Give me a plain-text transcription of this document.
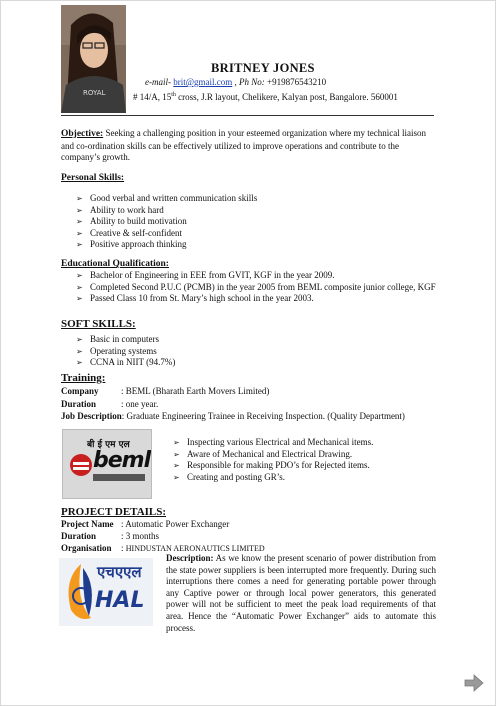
ROYAL
BRITNEY JONES
e-mail- brit@gmail.com , Ph No: +919876543210
# 14/A, 15th cross, J.R layout, Chelikere, Kalyan post, Bangalore. 560001
Objective: Seeking a challenging position in your esteemed organization where my technical liaison and co-ordination skills can be effectively utilized to improve operations and contribute to the company’s growth.
Personal Skills:
➢ Good verbal and written communication skills
➢ Ability to work hard
➢ Ability to build motivation
➢ Creative & self-confident
➢ Positive approach thinking
Educational Qualification:
➢ Bachelor of Engineering in EEE from GVIT, KGF in the year 2009.
➢ Completed Second P.U.C (PCMB) in the year 2005 from BEML composite junior college, KGF
➢ Passed Class 10 from St. Mary’s high school in the year 2003.
SOFT SKILLS:
➢ Basic in computers
➢ Operating systems
➢ CCNA in NIIT (94.7%)
Training:
Company : BEML (Bharath Earth Movers Limited)
Duration	: one year.
Job Description: Graduate Engineering Trainee in Receiving Inspection. (Quality Department)
बी ई एम एल
beml
➢ Inspecting various Electrical and Mechanical items.
➢ Aware of Mechanical and Electrical Drawing.
➢ Responsible for making PDO’s for Rejected items.
➢ Creating and posting GR’s.
PROJECT DETAILS:
Project Name : Automatic Power Exchanger
Duration	: 3 months
Organisation : HINDUSTAN AERONAUTICS LIMITED
एचएएल
HAL
Description: As we know the present scenario of power distribution from the state power suppliers is been interrupted more frequently. During such interruptions there comes a need for generating portable power through any Captive power or through local power generators, this generated power will not be sufficient to meet the peak load requirements of that area. Hence the “Automatic Power Exchanger” aids to automate this process.
